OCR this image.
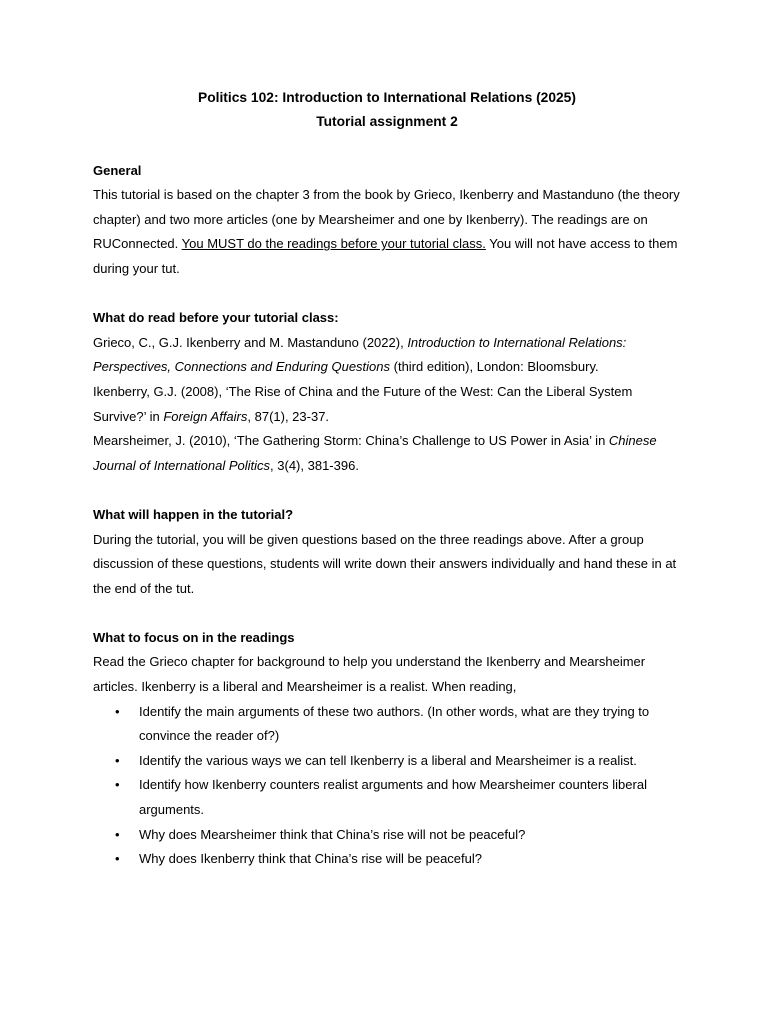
Politics 102: Introduction to International Relations (2025)
Tutorial assignment 2
General

This tutorial is based on the chapter 3 from the book by Grieco, Ikenberry and Mastanduno (the theory chapter) and two more articles (one by Mearsheimer and one by Ikenberry). The readings are on RUConnected. You MUST do the readings before your tutorial class. You will not have access to them during your tut.

What do read before your tutorial class:

Grieco, C., G.J. Ikenberry and M. Mastanduno (2022), Introduction to International Relations: Perspectives, Connections and Enduring Questions (third edition), London: Bloomsbury.

Ikenberry, G.J. (2008), ‘The Rise of China and the Future of the West: Can the Liberal System Survive?’ in Foreign Affairs, 87(1), 23-37.

Mearsheimer, J. (2010), ‘The Gathering Storm: China’s Challenge to US Power in Asia’ in Chinese Journal of International Politics, 3(4), 381-396.

What will happen in the tutorial?

During the tutorial, you will be given questions based on the three readings above. After a group discussion of these questions, students will write down their answers individually and hand these in at the end of the tut.

What to focus on in the readings

Read the Grieco chapter for background to help you understand the Ikenberry and Mearsheimer articles. Ikenberry is a liberal and Mearsheimer is a realist. When reading,

• Identify the main arguments of these two authors. (In other words, what are they trying to convince the reader of?)
• Identify the various ways we can tell Ikenberry is a liberal and Mearsheimer is a realist.
• Identify how Ikenberry counters realist arguments and how Mearsheimer counters liberal arguments.
• Why does Mearsheimer think that China’s rise will not be peaceful?
• Why does Ikenberry think that China’s rise will be peaceful?
